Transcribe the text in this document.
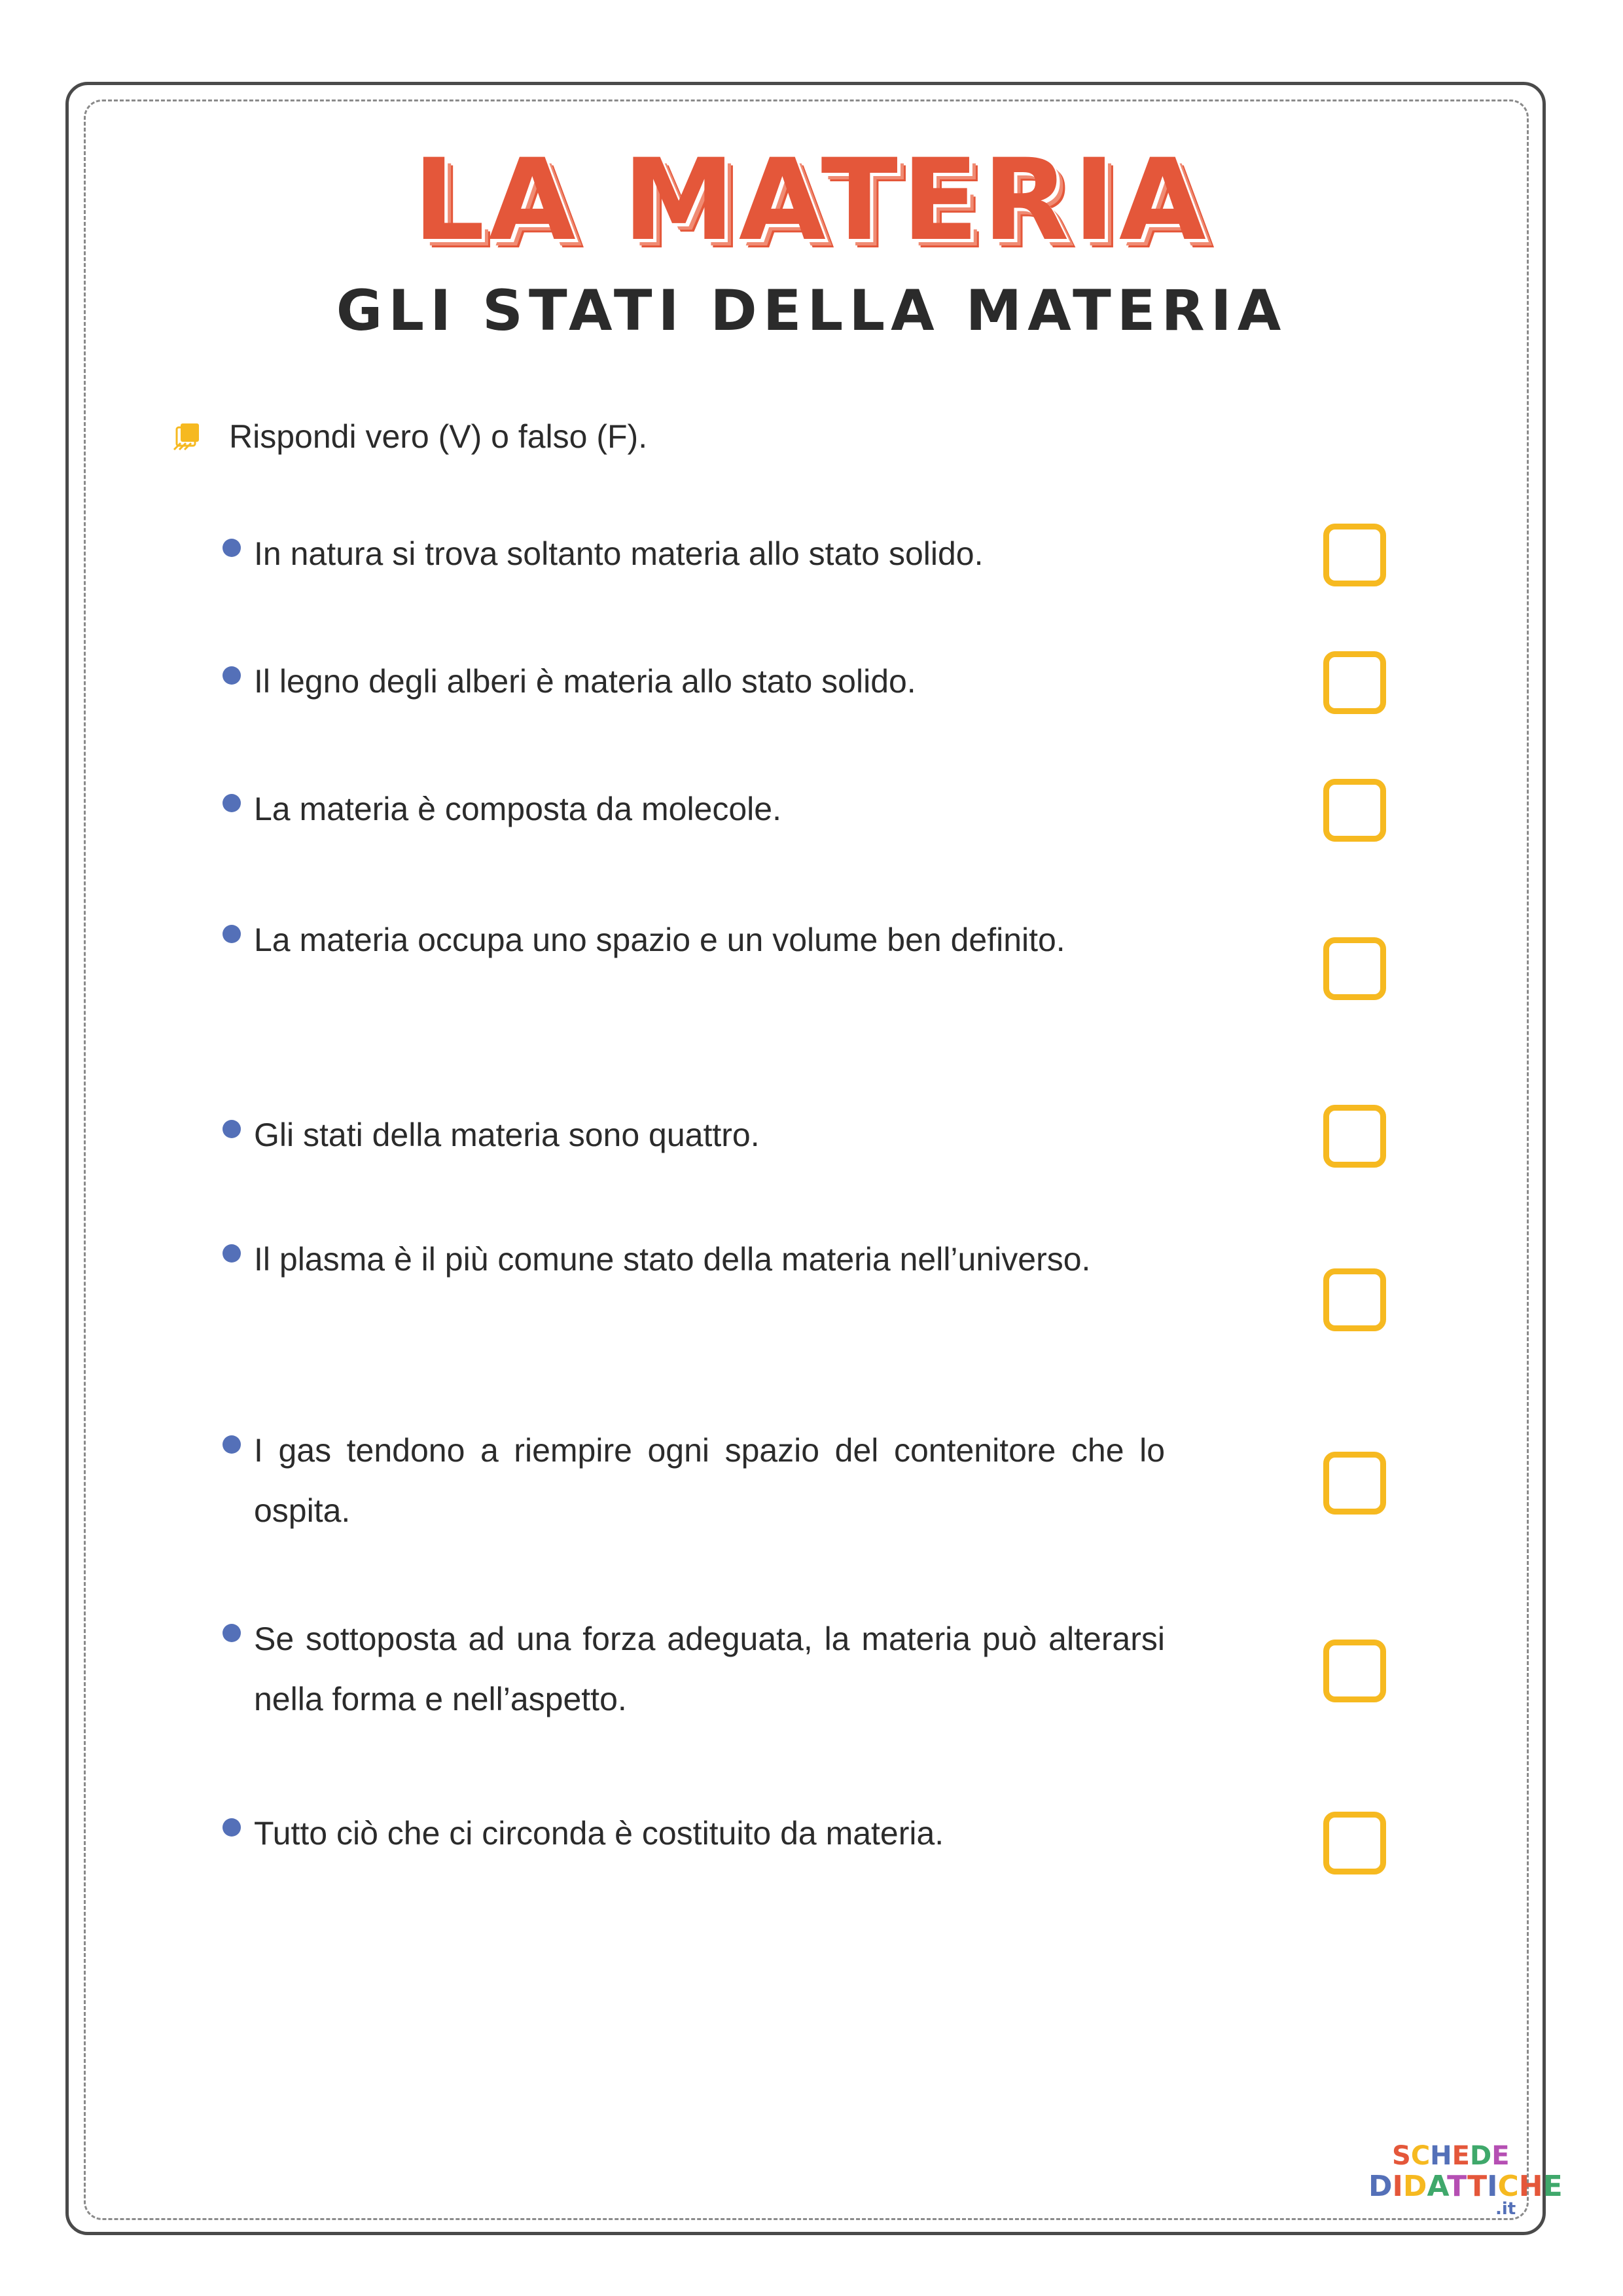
LA MATERIA
GLI STATI DELLA MATERIA
Rispondi vero (V) o falso (F).
In natura si trova soltanto materia allo stato solido.
Il legno degli alberi è materia allo stato solido.
La materia è composta da molecole.
La materia occupa uno spazio e un volume ben definito.
Gli stati della materia sono quattro.
Il plasma è il più comune stato della materia nell’universo.
I gas tendono a riempire ogni spazio del contenitore che lo ospita.
Se sottoposta ad una forza adeguata, la materia può alterarsi nella forma e nell’aspetto.
Tutto ciò che ci circonda è costituito da materia.
SCHEDE
DIDATTICHE
.it
